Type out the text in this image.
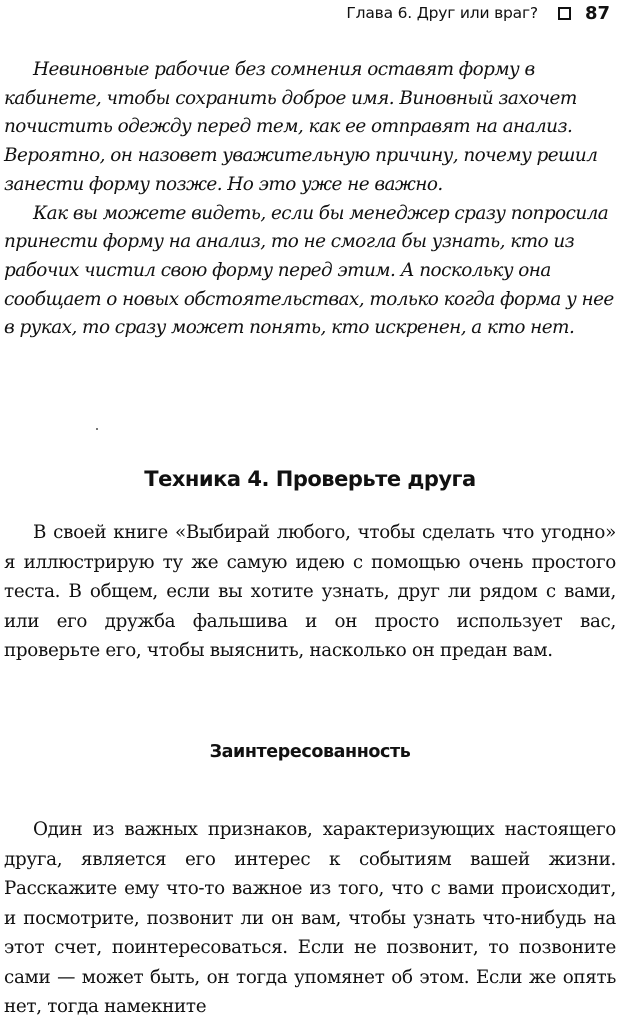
Глава 6. Друг или враг?	87

Невиновные рабочие без сомнения оставят форму в кабинете, чтобы сохранить доброе имя. Виновный захочет почистить одежду перед тем, как ее отправят на анализ. Вероятно, он назовет уважительную причину, почему решил занести форму позже. Но это уже не важно.

Как вы можете видеть, если бы менеджер сразу попросила принести форму на анализ, то не смогла бы узнать, кто из рабочих чистил свою форму перед этим. А поскольку она сообщает о новых обстоятельствах, только когда форма у нее в руках, то сразу может понять, кто искренен, а кто нет.

Техника 4. Проверьте друга

В своей книге «Выбирай любого, чтобы сделать что угодно» я иллюстрирую ту же самую идею с помощью очень простого теста. В общем, если вы хотите узнать, друг ли рядом с вами, или его дружба фальшива и он просто использует вас, проверьте его, чтобы выяснить, насколько он предан вам.

Заинтересованность

Один из важных признаков, характеризующих настоящего друга, является его интерес к событиям вашей жизни. Расскажите ему что-то важное из того, что с вами происходит, и посмотрите, позвонит ли он вам, чтобы узнать что-нибудь на этот счет, поинтересоваться. Если не позвонит, то позвоните сами — может быть, он тогда упомянет об этом. Если же опять нет, тогда намекните
